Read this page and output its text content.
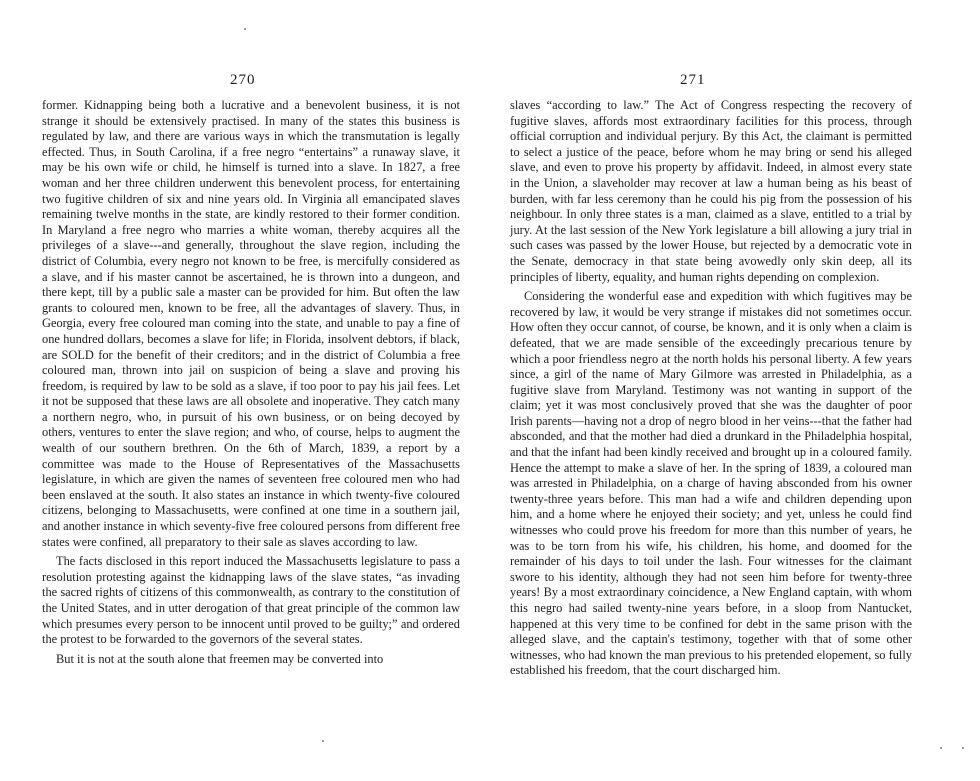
270

former. Kidnapping being both a lucrative and a benevolent business, it is not strange it should be extensively practised. In many of the states this business is regulated by law, and there are various ways in which the transmutation is legally effected. Thus, in South Carolina, if a free negro “entertains” a runaway slave, it may be his own wife or child, he himself is turned into a slave. In 1827, a free woman and her three children underwent this benevolent process, for entertaining two fugitive children of six and nine years old. In Virginia all emancipated slaves remaining twelve months in the state, are kindly restored to their former condition. In Maryland a free negro who marries a white woman, thereby acquires all the privileges of a slave---and generally, throughout the slave region, including the district of Columbia, every negro not known to be free, is mercifully considered as a slave, and if his master cannot be ascertained, he is thrown into a dungeon, and there kept, till by a public sale a master can be provided for him. But often the law grants to coloured men, known to be free, all the advantages of slavery. Thus, in Georgia, every free coloured man coming into the state, and unable to pay a fine of one hundred dollars, becomes a slave for life; in Florida, insolvent debtors, if black, are SOLD for the benefit of their creditors; and in the district of Columbia a free coloured man, thrown into jail on suspicion of being a slave and proving his freedom, is required by law to be sold as a slave, if too poor to pay his jail fees. Let it not be supposed that these laws are all obsolete and inoperative. They catch many a northern negro, who, in pursuit of his own business, or on being decoyed by others, ventures to enter the slave region; and who, of course, helps to augment the wealth of our southern brethren. On the 6th of March, 1839, a report by a committee was made to the House of Representatives of the Massachusetts legislature, in which are given the names of seventeen free coloured men who had been enslaved at the south. It also states an instance in which twenty-five coloured citizens, belonging to Massachusetts, were confined at one time in a southern jail, and another instance in which seventy-five free coloured persons from different free states were confined, all preparatory to their sale as slaves according to law.

The facts disclosed in this report induced the Massachusetts legislature to pass a resolution protesting against the kidnapping laws of the slave states, “as invading the sacred rights of citizens of this commonwealth, as contrary to the constitution of the United States, and in utter derogation of that great principle of the common law which presumes every person to be innocent until proved to be guilty;” and ordered the protest to be forwarded to the governors of the several states.

But it is not at the south alone that freemen may be converted into

271

slaves “according to law.” The Act of Congress respecting the recovery of fugitive slaves, affords most extraordinary facilities for this process, through official corruption and individual perjury. By this Act, the claimant is permitted to select a justice of the peace, before whom he may bring or send his alleged slave, and even to prove his property by affidavit. Indeed, in almost every state in the Union, a slaveholder may recover at law a human being as his beast of burden, with far less ceremony than he could his pig from the possession of his neighbour. In only three states is a man, claimed as a slave, entitled to a trial by jury. At the last session of the New York legislature a bill allowing a jury trial in such cases was passed by the lower House, but rejected by a democratic vote in the Senate, democracy in that state being avowedly only skin deep, all its principles of liberty, equality, and human rights depending on complexion.

Considering the wonderful ease and expedition with which fugitives may be recovered by law, it would be very strange if mistakes did not sometimes occur. How often they occur cannot, of course, be known, and it is only when a claim is defeated, that we are made sensible of the exceedingly precarious tenure by which a poor friendless negro at the north holds his personal liberty. A few years since, a girl of the name of Mary Gilmore was arrested in Philadelphia, as a fugitive slave from Maryland. Testimony was not wanting in support of the claim; yet it was most conclusively proved that she was the daughter of poor Irish parents—having not a drop of negro blood in her veins---that the father had absconded, and that the mother had died a drunkard in the Philadelphia hospital, and that the infant had been kindly received and brought up in a coloured family. Hence the attempt to make a slave of her. In the spring of 1839, a coloured man was arrested in Philadelphia, on a charge of having absconded from his owner twenty-three years before. This man had a wife and children depending upon him, and a home where he enjoyed their society; and yet, unless he could find witnesses who could prove his freedom for more than this number of years, he was to be torn from his wife, his children, his home, and doomed for the remainder of his days to toil under the lash. Four witnesses for the claimant swore to his identity, although they had not seen him before for twenty-three years! By a most extraordinary coincidence, a New England captain, with whom this negro had sailed twenty-nine years before, in a sloop from Nantucket, happened at this very time to be confined for debt in the same prison with the alleged slave, and the captain's testimony, together with that of some other witnesses, who had known the man previous to his pretended elopement, so fully established his freedom, that the court discharged him.
